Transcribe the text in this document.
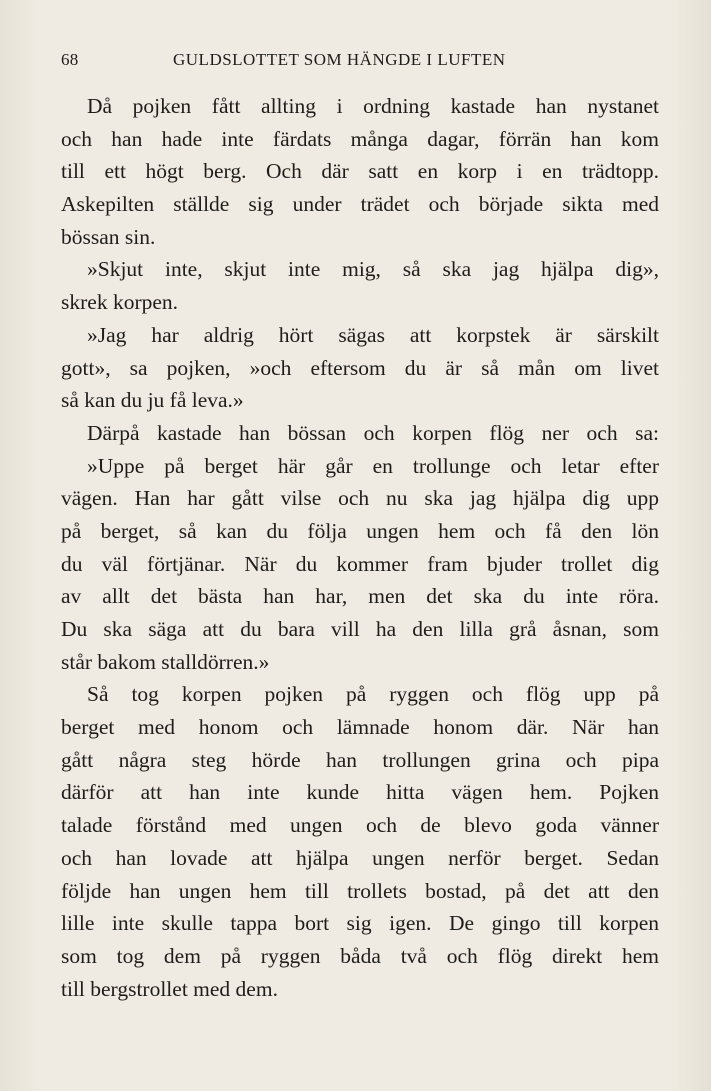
68	GULDSLOTTET SOM HÄNGDE I LUFTEN
Då pojken fått allting i ordning kastade han nystanet
och han hade inte färdats många dagar, förrän han kom
till ett högt berg. Och där satt en korp i en trädtopp.
Askepilten ställde sig under trädet och började sikta med
bössan sin.
»Skjut inte, skjut inte mig, så ska jag hjälpa dig»,
skrek korpen.
»Jag har aldrig hört sägas att korpstek är särskilt
gott», sa pojken, »och eftersom du är så mån om livet
så kan du ju få leva.»
Därpå kastade han bössan och korpen flög ner och sa:
»Uppe på berget här går en trollunge och letar efter
vägen. Han har gått vilse och nu ska jag hjälpa dig upp
på berget, så kan du följa ungen hem och få den lön
du väl förtjänar. När du kommer fram bjuder trollet dig
av allt det bästa han har, men det ska du inte röra.
Du ska säga att du bara vill ha den lilla grå åsnan, som
står bakom stalldörren.»
Så tog korpen pojken på ryggen och flög upp på
berget med honom och lämnade honom där. När han
gått några steg hörde han trollungen grina och pipa
därför att han inte kunde hitta vägen hem. Pojken
talade förstånd med ungen och de blevo goda vänner
och han lovade att hjälpa ungen nerför berget. Sedan
följde han ungen hem till trollets bostad, på det att den
lille inte skulle tappa bort sig igen. De gingo till korpen
som tog dem på ryggen båda två och flög direkt hem
till bergstrollet med dem.
